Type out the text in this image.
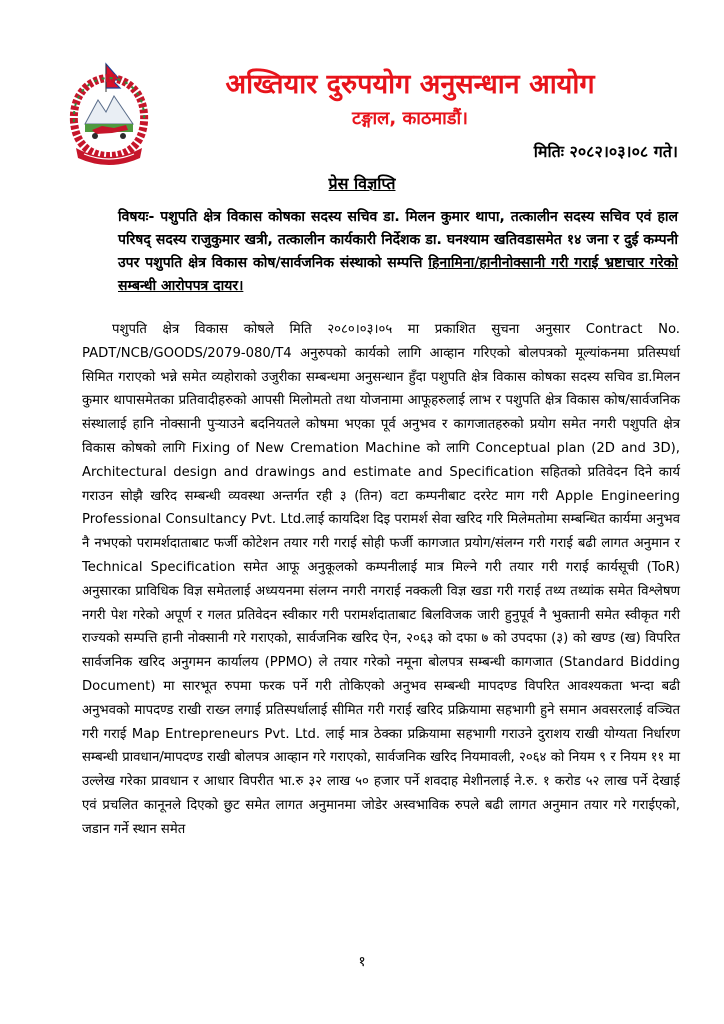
अख्तियार दुरुपयोग अनुसन्धान आयोग
टङ्गाल, काठमाडौं।
मितिः २०८२।०३।०८ गते।
प्रेस विज्ञप्ति
विषयः- पशुपति क्षेत्र विकास कोषका सदस्य सचिव डा. मिलन कुमार थापा, तत्कालीन सदस्य सचिव एवं हाल परिषद् सदस्य राजुकुमार खत्री, तत्कालीन कार्यकारी निर्देशक डा. घनश्याम खतिवडासमेत १४ जना र दुई कम्पनी उपर पशुपति क्षेत्र विकास कोष/सार्वजनिक संस्थाको सम्पत्ति हिनामिना/हानीनोक्सानी गरी गराई भ्रष्टाचार गरेको सम्बन्धी आरोपपत्र दायर।
पशुपति क्षेत्र विकास कोषले मिति २०८०।०३।०५ मा प्रकाशित सुचना अनुसार Contract No. PADT/NCB/GOODS/2079-080/T4 अनुरुपको कार्यको लागि आव्हान गरिएको बोलपत्रको मूल्यांकनमा प्रतिस्पर्धा सिमित गराएको भन्ने समेत व्यहोराको उजुरीका सम्बन्धमा अनुसन्धान हुँदा पशुपति क्षेत्र विकास कोषका सदस्य सचिव डा.मिलन कुमार थापासमेतका प्रतिवादीहरुको आपसी मिलोमतो तथा योजनामा आफूहरुलाई लाभ र पशुपति क्षेत्र विकास कोष/सार्वजनिक संस्थालाई हानि नोक्सानी पुऱ्याउने बदनियतले कोषमा भएका पूर्व अनुभव र कागजातहरुको प्रयोग समेत नगरी पशुपति क्षेत्र विकास कोषको लागि Fixing of New Cremation Machine को लागि Conceptual plan (2D and 3D), Architectural design and drawings and estimate and Specification सहितको प्रतिवेदन दिने कार्य गराउन सोझै खरिद सम्बन्धी व्यवस्था अन्तर्गत रही ३ (तिन) वटा कम्पनीबाट दररेट माग गरी Apple Engineering Professional Consultancy Pvt. Ltd.लाई कायदिश दिइ परामर्श सेवा खरिद गरि मिलेमतोमा सम्बन्धित कार्यमा अनुभव नै नभएको परामर्शदाताबाट फर्जी कोटेशन तयार गरी गराई सोही फर्जी कागजात प्रयोग/संलग्न गरी गराई बढी लागत अनुमान र Technical Specification समेत आफू अनुकूलको कम्पनीलाई मात्र मिल्ने गरी तयार गरी गराई कार्यसूची (ToR) अनुसारका प्राविधिक विज्ञ समेतलाई अध्ययनमा संलग्न नगरी नगराई नक्कली विज्ञ खडा गरी गराई तथ्य तथ्यांक समेत विश्लेषण नगरी पेश गरेको अपूर्ण र गलत प्रतिवेदन स्वीकार गरी परामर्शदाताबाट बिलविजक जारी हुनुपूर्व नै भुक्तानी समेत स्वीकृत गरी राज्यको सम्पत्ति हानी नोक्सानी गरे गराएको, सार्वजनिक खरिद ऐन, २०६३ को दफा ७ को उपदफा (३) को खण्ड (ख) विपरित सार्वजनिक खरिद अनुगमन कार्यालय (PPMO) ले तयार गरेको नमूना बोलपत्र सम्बन्धी कागजात (Standard Bidding Document) मा सारभूत रुपमा फरक पर्ने गरी तोकिएको अनुभव सम्बन्धी मापदण्ड विपरित आवश्यकता भन्दा बढी अनुभवको मापदण्ड राखी राख्न लगाई प्रतिस्पर्धालाई सीमित गरी गराई खरिद प्रक्रियामा सहभागी हुने समान अवसरलाई वञ्चित गरी गराई Map Entrepreneurs Pvt. Ltd. लाई मात्र ठेक्का प्रक्रियामा सहभागी गराउने दुराशय राखी योग्यता निर्धारण सम्बन्धी प्रावधान/मापदण्ड राखी बोलपत्र आव्हान गरे गराएको, सार्वजनिक खरिद नियमावली, २०६४ को नियम ९ र नियम ११ मा उल्लेख गरेका प्रावधान र आधार विपरीत भा.रु ३२ लाख ५० हजार पर्ने शवदाह मेशीनलाई ने.रु. १ करोड ५२ लाख पर्ने देखाई एवं प्रचलित कानूनले दिएको छुट समेत लागत अनुमानमा जोडेर अस्वभाविक रुपले बढी लागत अनुमान तयार गरे गराईएको, जडान गर्ने स्थान समेत
१
